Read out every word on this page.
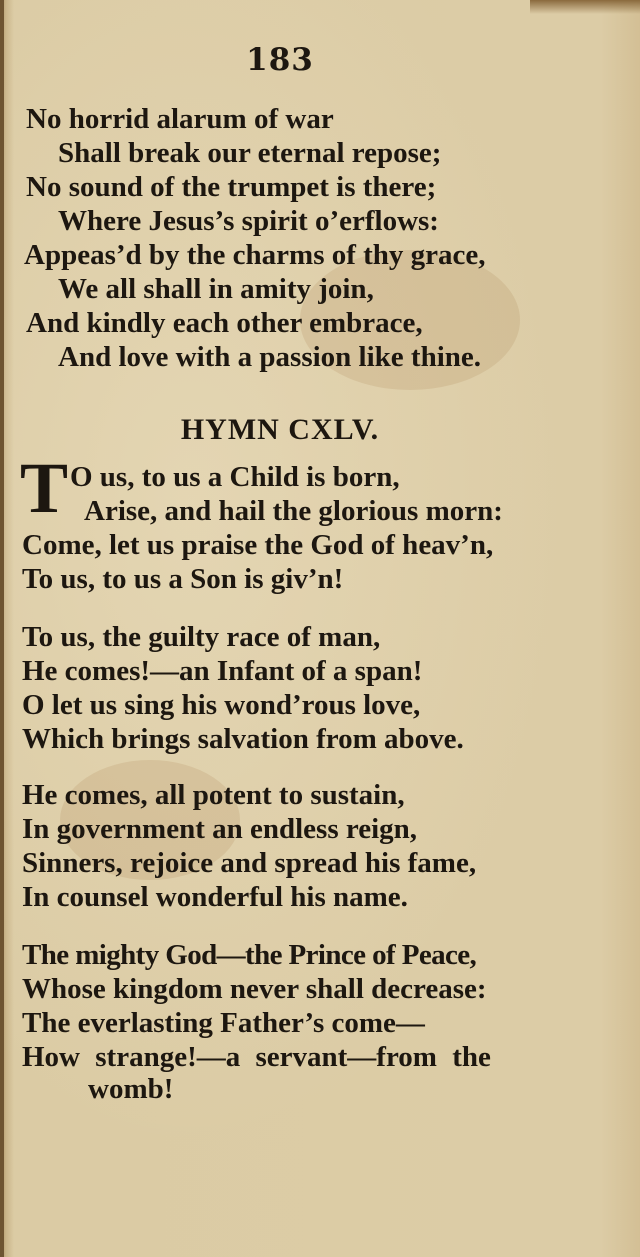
183
No horrid alarum of war
Shall break our eternal repose;
No sound of the trumpet is there;
Where Jesus’s spirit o’erflows:
Appeas’d by the charms of thy grace,
We all shall in amity join,
And kindly each other embrace,
And love with a passion like thine.
HYMN CXLV.
T O us, to us a Child is born,
Arise, and hail the glorious morn:
Come, let us praise the God of heav’n,
To us, to us a Son is giv’n!
To us, the guilty race of man,
He comes!—an Infant of a span!
O let us sing his wond’rous love,
Which brings salvation from above.
He comes, all potent to sustain,
In government an endless reign,
Sinners, rejoice and spread his fame,
In counsel wonderful his name.
The mighty God—the Prince of Peace,
Whose kingdom never shall decrease:
The everlasting Father’s come—
How strange!—a servant—from the
womb!
